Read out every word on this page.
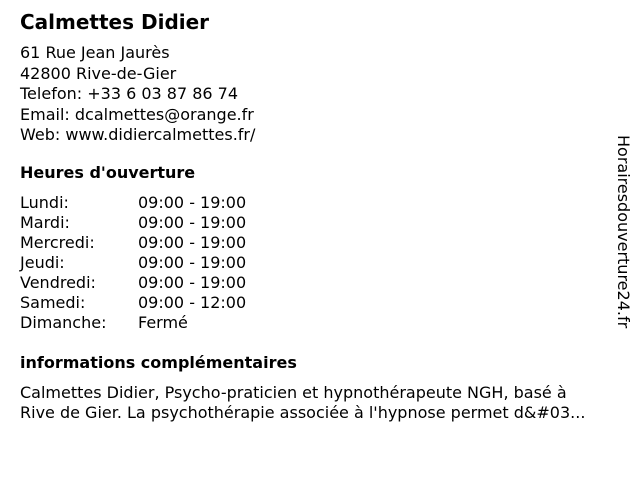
Calmettes Didier
61 Rue Jean Jaurès
42800 Rive-de-Gier
Telefon: +33 6 03 87 86 74
Email: dcalmettes@orange.fr
Web: www.didiercalmettes.fr/
Heures d'ouverture
Lundi:	09:00 - 19:00
Mardi:	09:00 - 19:00
Mercredi:	09:00 - 19:00
Jeudi:	09:00 - 19:00
Vendredi:	09:00 - 19:00
Samedi:	09:00 - 12:00
Dimanche:	Fermé
informations complémentaires
Calmettes Didier, Psycho-praticien et hypnothérapeute NGH, basé à
Rive de Gier. La psychothérapie associée à l'hypnose permet d&#03...
Horairesdouverture24.fr
